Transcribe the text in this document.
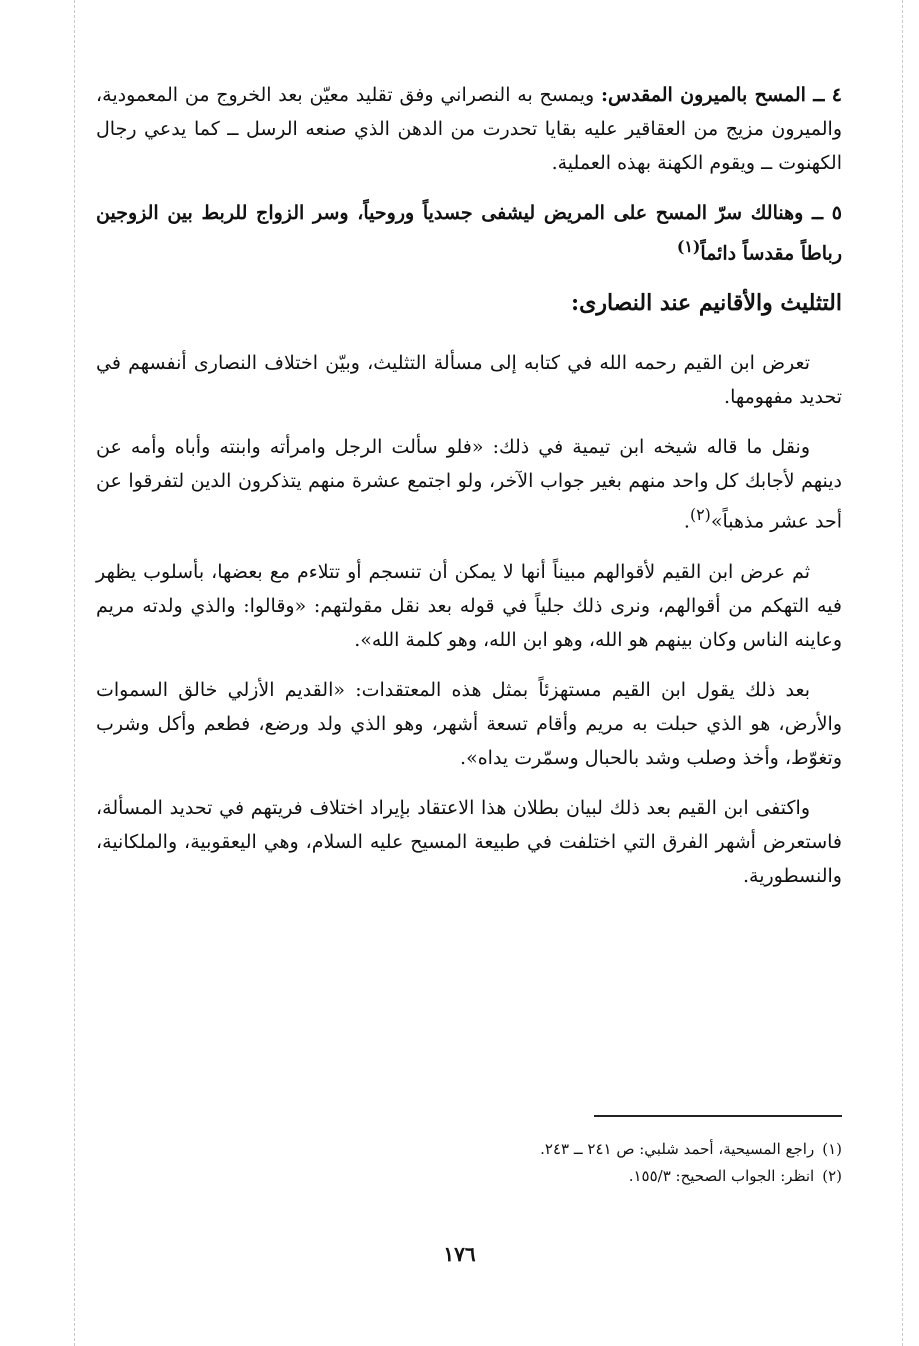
٤ ــ المسح بالميرون المقدس: ويمسح به النصراني وفق تقليد معيّن بعد الخروج من المعمودية، والميرون مزيج من العقاقير عليه بقايا تحدرت من الدهن الذي صنعه الرسل ــ كما يدعي رجال الكهنوت ــ ويقوم الكهنة بهذه العملية.

٥ ــ وهنالك سرّ المسح على المريض ليشفى جسدياً وروحياً، وسر الزواج للربط بين الزوجين رباطاً مقدساً دائماً$^{(١)}$

التثليث والأقانيم عند النصارى:

تعرض ابن القيم رحمه الله في كتابه إلى مسألة التثليث، وبيّن اختلاف النصارى أنفسهم في تحديد مفهومها.

ونقل ما قاله شيخه ابن تيمية في ذلك: «فلو سألت الرجل وامرأته وابنته وأباه وأمه عن دينهم لأجابك كل واحد منهم بغير جواب الآخر، ولو اجتمع عشرة منهم يتذكرون الدين لتفرقوا عن أحد عشر مذهباً»$^{(٢)}$.

ثم عرض ابن القيم لأقوالهم مبيناً أنها لا يمكن أن تنسجم أو تتلاءم مع بعضها، بأسلوب يظهر فيه التهكم من أقوالهم، ونرى ذلك جلياً في قوله بعد نقل مقولتهم: «وقالوا: والذي ولدته مريم وعاينه الناس وكان بينهم هو الله، وهو ابن الله، وهو كلمة الله».

بعد ذلك يقول ابن القيم مستهزئاً بمثل هذه المعتقدات: «القديم الأزلي خالق السموات والأرض، هو الذي حبلت به مريم وأقام تسعة أشهر، وهو الذي ولد ورضع، فطعم وأكل وشرب وتغوّط، وأخذ وصلب وشد بالحبال وسمّرت يداه».

واكتفى ابن القيم بعد ذلك لبيان بطلان هذا الاعتقاد بإيراد اختلاف فريتهم في تحديد المسألة، فاستعرض أشهر الفرق التي اختلفت في طبيعة المسيح عليه السلام، وهي اليعقوبية، والملكانية، والنسطورية.

(١)راجع المسيحية، أحمد شلبي: ص ٢٤١ ــ ٢٤٣.
(٢)انظر: الجواب الصحيح: ١٥٥/٣.
١٧٦
